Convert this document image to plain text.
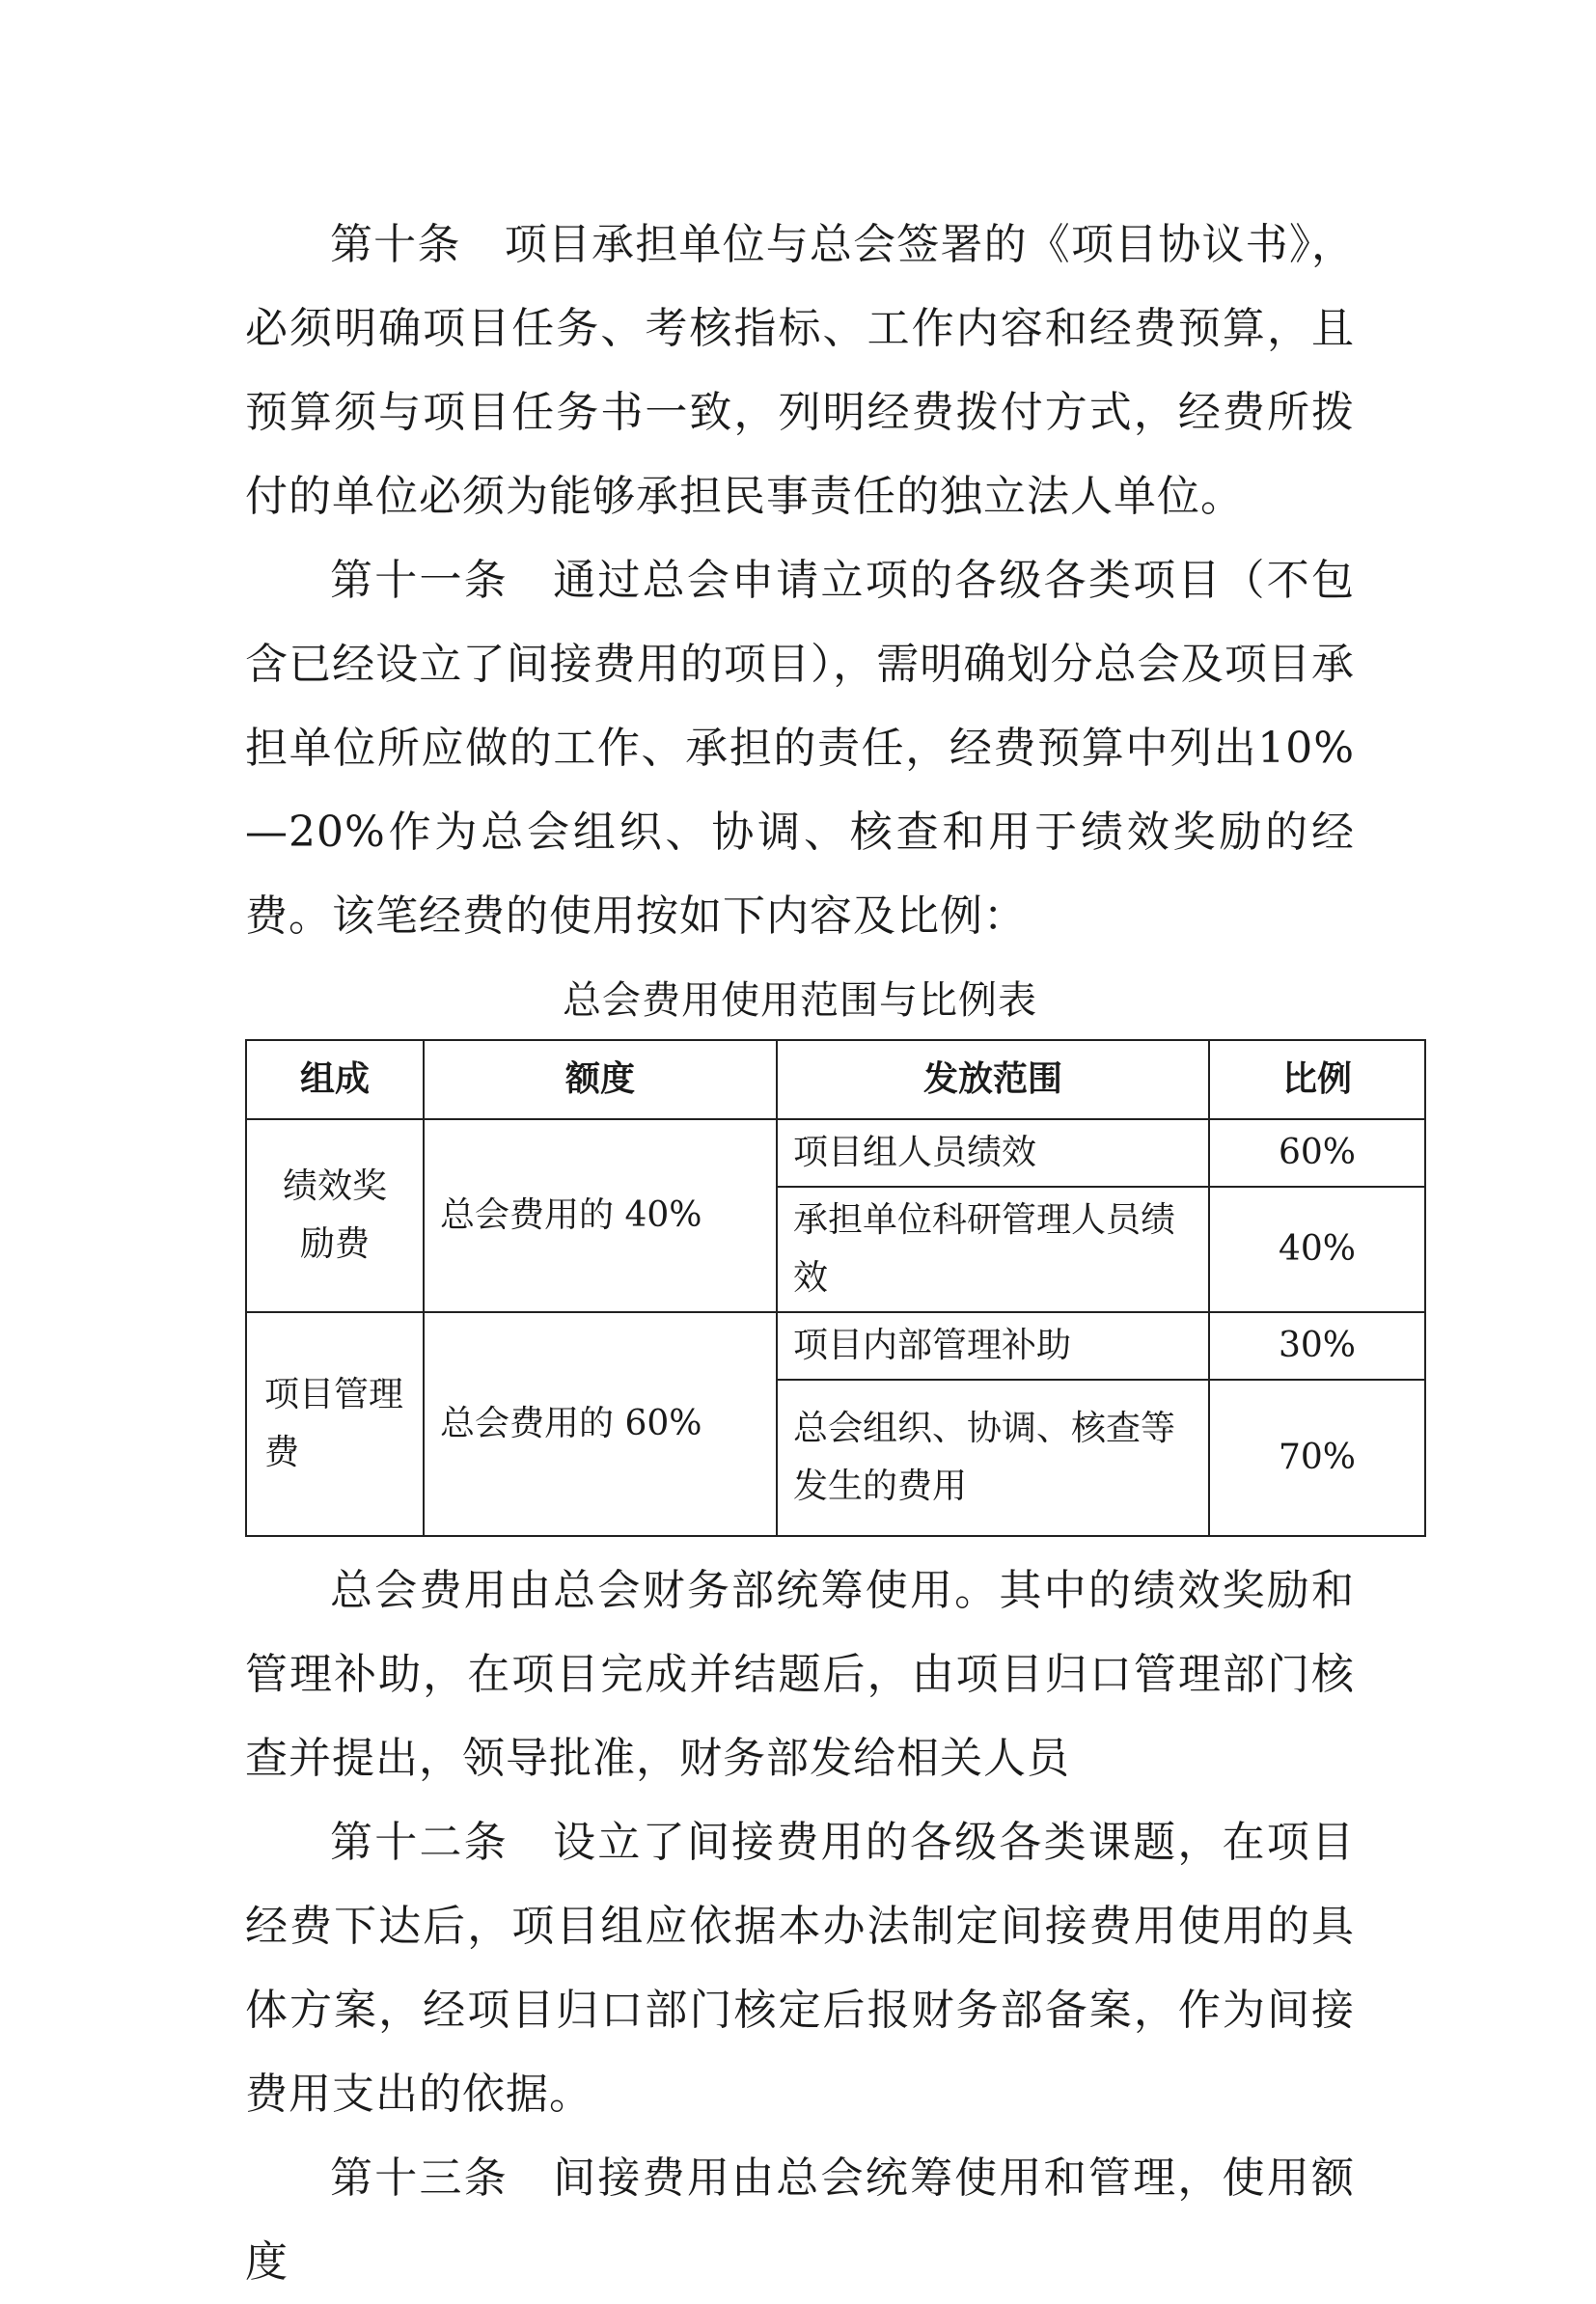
第十条　项目承担单位与总会签署的《项目协议书》，必须明确项目任务、考核指标、工作内容和经费预算，且预算须与项目任务书一致，列明经费拨付方式，经费所拨付的单位必须为能够承担民事责任的独立法人单位。

第十一条　通过总会申请立项的各级各类项目（不包含已经设立了间接费用的项目），需明确划分总会及项目承担单位所应做的工作、承担的责任，经费预算中列出10%—20%作为总会组织、协调、核查和用于绩效奖励的经费。该笔经费的使用按如下内容及比例：

总会费用使用范围与比例表
组成	额度	发放范围	比例
绩效奖励费	总会费用的 40%	项目组人员绩效	60%
		承担单位科研管理人员绩效	40%
项目管理费	总会费用的 60%	项目内部管理补助	30%
		总会组织、协调、核查等发生的费用	70%

总会费用由总会财务部统筹使用。其中的绩效奖励和管理补助，在项目完成并结题后，由项目归口管理部门核查并提出，领导批准，财务部发给相关人员

第十二条　设立了间接费用的各级各类课题，在项目经费下达后，项目组应依据本办法制定间接费用使用的具体方案，经项目归口部门核定后报财务部备案，作为间接费用支出的依据。

第十三条　间接费用由总会统筹使用和管理，使用额度
